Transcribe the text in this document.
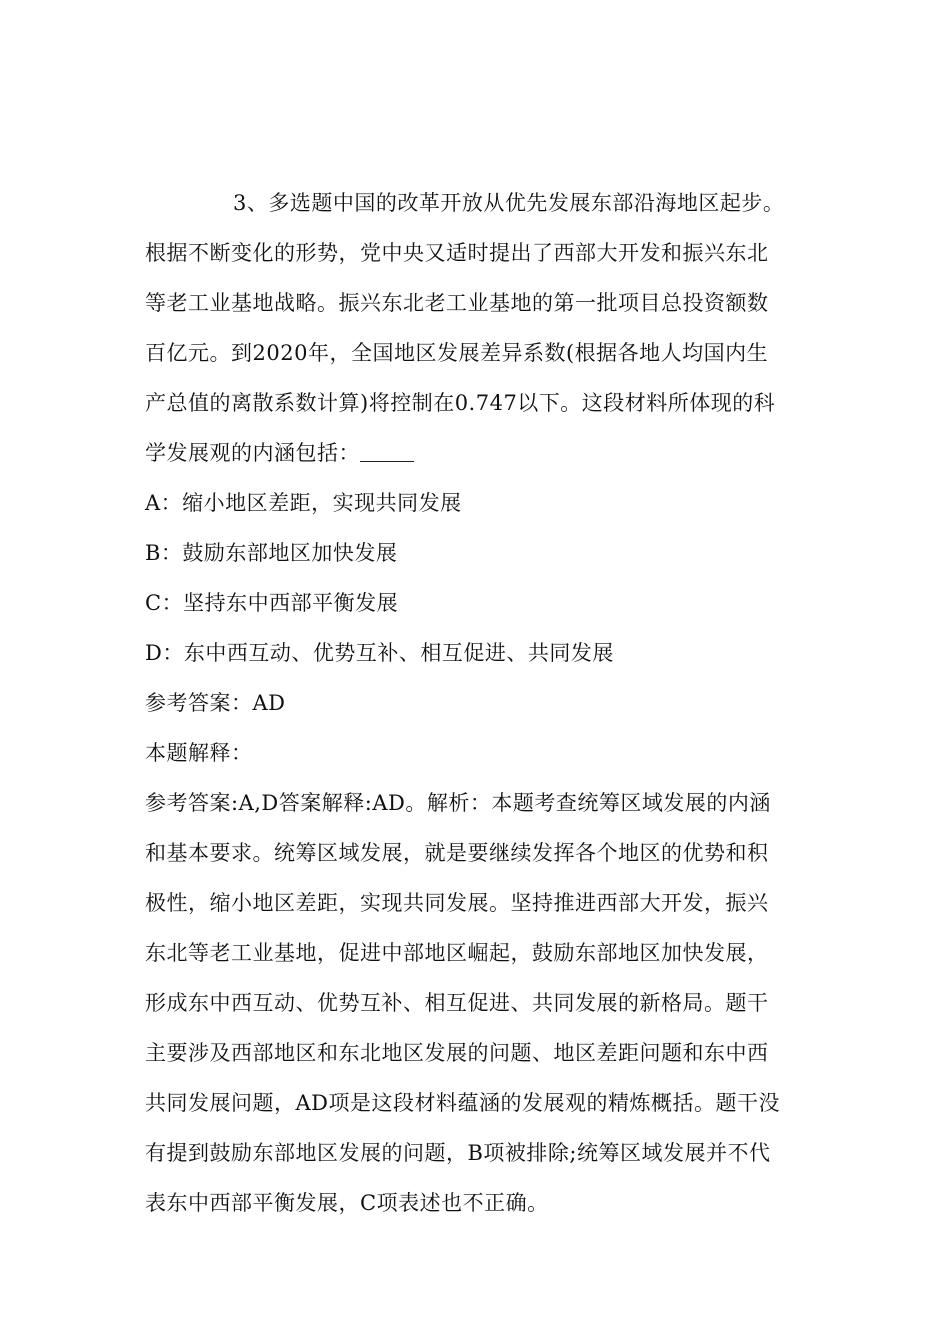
3、多选题中国的改革开放从优先发展东部沿海地区起步。
根据不断变化的形势，党中央又适时提出了西部大开发和振兴东北
等老工业基地战略。振兴东北老工业基地的第一批项目总投资额数
百亿元。到2020年，全国地区发展差异系数(根据各地人均国内生
产总值的离散系数计算)将控制在0.747以下。这段材料所体现的科
学发展观的内涵包括：
A：缩小地区差距，实现共同发展
B：鼓励东部地区加快发展
C：坚持东中西部平衡发展
D：东中西互动、优势互补、相互促进、共同发展
参考答案：AD
本题解释：
参考答案:A,D答案解释:AD。解析：本题考查统筹区域发展的内涵
和基本要求。统筹区域发展，就是要继续发挥各个地区的优势和积
极性，缩小地区差距，实现共同发展。坚持推进西部大开发，振兴
东北等老工业基地，促进中部地区崛起，鼓励东部地区加快发展，
形成东中西互动、优势互补、相互促进、共同发展的新格局。题干
主要涉及西部地区和东北地区发展的问题、地区差距问题和东中西
共同发展问题，AD项是这段材料蕴涵的发展观的精炼概括。题干没
有提到鼓励东部地区发展的问题，B项被排除;统筹区域发展并不代
表东中西部平衡发展，C项表述也不正确。
